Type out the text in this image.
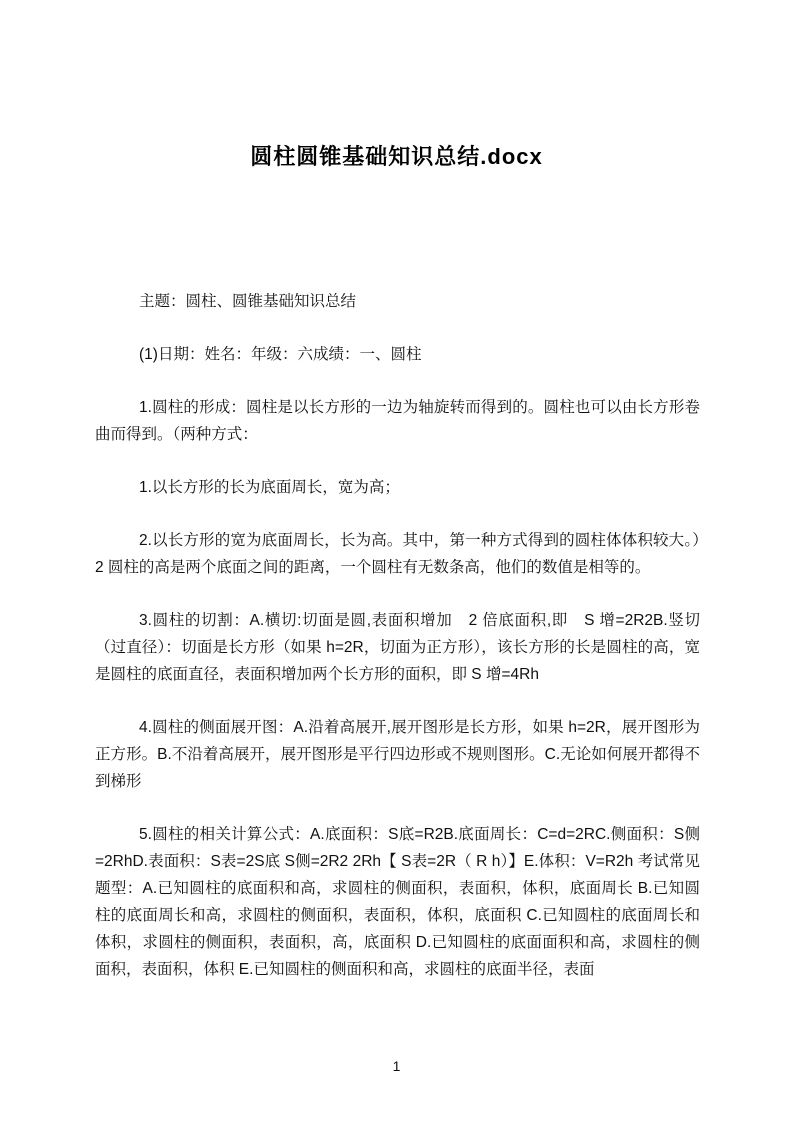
圆柱圆锥基础知识总结.docx

主题：圆柱、圆锥基础知识总结

(1)日期：姓名：年级：六成绩：一、圆柱

1.圆柱的形成：圆柱是以长方形的一边为轴旋转而得到的。圆柱也可以由长方形卷曲而得到。（两种方式：

1.以长方形的长为底面周长，宽为高；

2.以长方形的宽为底面周长，长为高。其中，第一种方式得到的圆柱体体积较大。）2 圆柱的高是两个底面之间的距离，一个圆柱有无数条高，他们的数值是相等的。

3.圆柱的切割：A.横切:切面是圆,表面积增加　2 倍底面积,即　S 增=2R2B.竖切（过直径）：切面是长方形（如果 h=2R，切面为正方形），该长方形的长是圆柱的高，宽是圆柱的底面直径，表面积增加两个长方形的面积，即 S 增=4Rh

4.圆柱的侧面展开图：A.沿着高展开,展开图形是长方形，如果 h=2R，展开图形为正方形。B.不沿着高展开，展开图形是平行四边形或不规则图形。C.无论如何展开都得不到梯形

5.圆柱的相关计算公式：A.底面积：S底=R2B.底面周长：C=d=2RC.侧面积：S侧=2RhD.表面积：S表=2S底 S侧=2R2 2Rh【 S表=2R（ R h）】E.体积：V=R2h 考试常见题型：A.已知圆柱的底面积和高，求圆柱的侧面积，表面积，体积，底面周长 B.已知圆柱的底面周长和高，求圆柱的侧面积，表面积，体积，底面积 C.已知圆柱的底面周长和体积，求圆柱的侧面积，表面积，高，底面积 D.已知圆柱的底面面积和高，求圆柱的侧面积，表面积，体积 E.已知圆柱的侧面积和高，求圆柱的底面半径，表面

1
